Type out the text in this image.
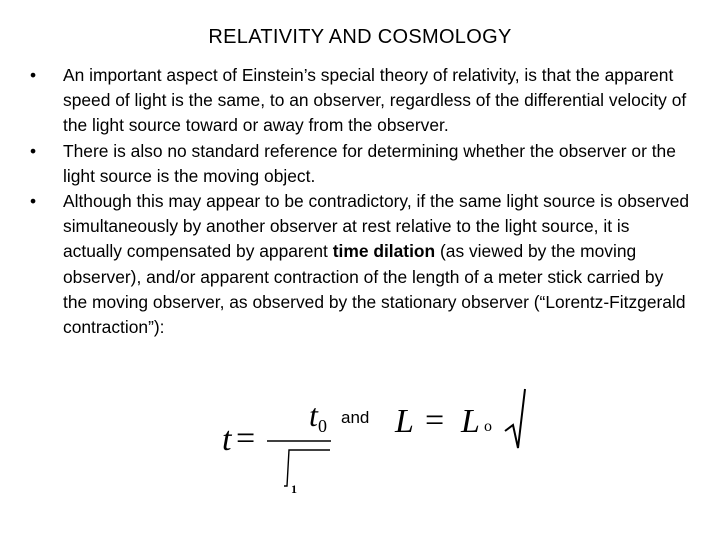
RELATIVITY AND COSMOLOGY
• An important aspect of Einstein’s special theory of relativity, is that the apparent speed of light is the same, to an observer, regardless of the differential velocity of the light source toward or away from the observer.
• There is also no standard reference for determining whether the observer or the light source is the moving object.
• Although this may appear to be contradictory, if the same light source is observed simultaneously by another observer at rest relative to the light source, it is actually compensated by apparent time dilation (as viewed by the moving observer), and/or apparent contraction of the length of a meter stick carried by the moving observer, as observed by the stationary observer (“Lorentz-Fitzgerald contraction”):
t =
t 0
1
and L = L o
